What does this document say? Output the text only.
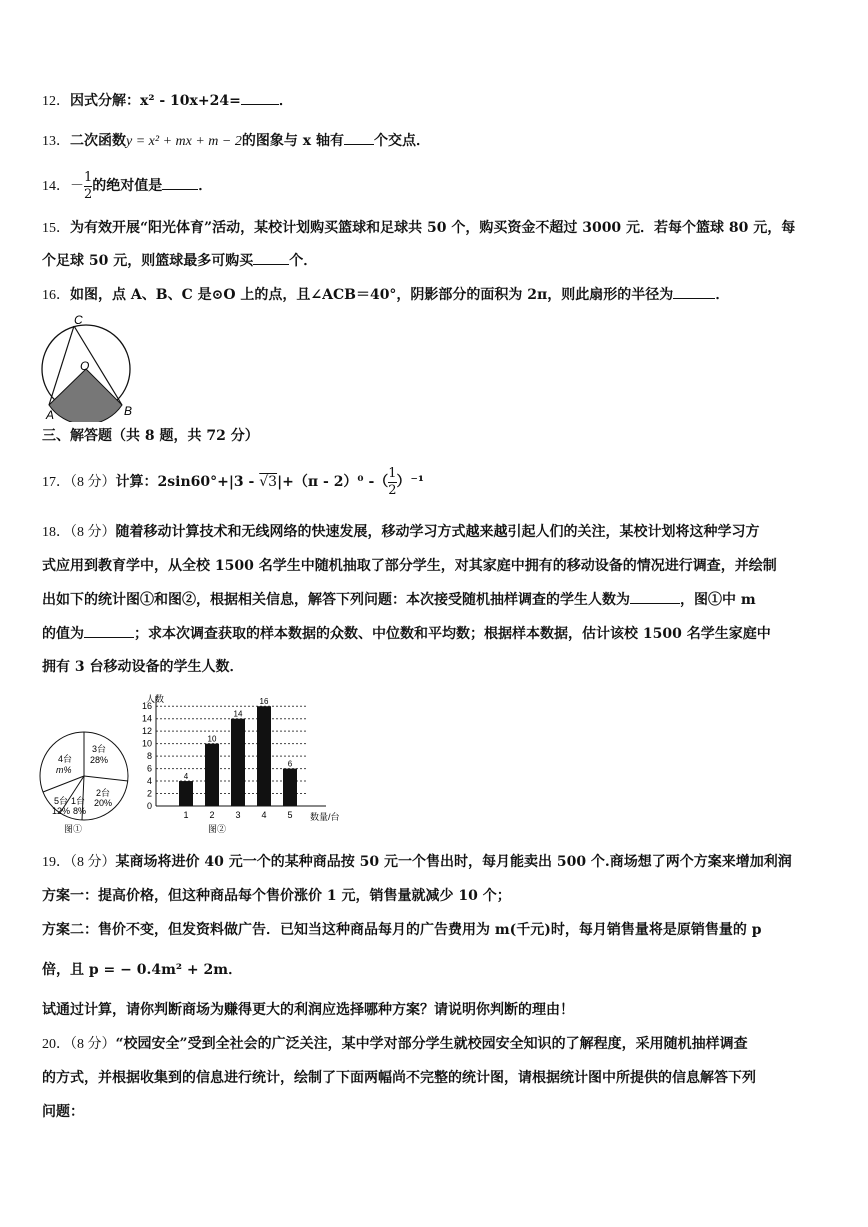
12．因式分解：x² - 10x+24=	．
13．二次函数y = x² + mx + m − 2的图象与 x 轴有 个交点．
14．－ $\frac{1}{2}$ 的绝对值是	．
15．为有效开展“阳光体育”活动，某校计划购买篮球和足球共 50 个，购买资金不超过 3000 元．若每个篮球 80 元，每
个足球 50 元，则篮球最多可购买	个．
16．如图，点 A、B、C 是⊙O 上的点，且∠ACB＝40°，阴影部分的面积为 2π，则此扇形的半径为	．
C
O
A	B
三、解答题（共 8 题，共 72 分）
17．（8 分）计算：2sin60°+|3 - √3|+（π - 2）⁰ -（ $\frac{1}{2} )^{-1}$
18．（8 分）随着移动计算技术和无线网络的快速发展，移动学习方式越来越引起人们的关注，某校计划将这种学习方
式应用到教育学中，从全校 1500 名学生中随机抽取了部分学生，对其家庭中拥有的移动设备的情况进行调查，并绘制
出如下的统计图①和图②，根据相关信息，解答下列问题：本次接受随机抽样调查的学生人数为	，图①中 m
的值为	；求本次调查获取的样本数据的众数、中位数和平均数；根据样本数据，估计该校 1500 名学生家庭中
拥有 3 台移动设备的学生人数．
3台
28%
4台
m%
2台
20%
1台
8%
5台
12%
图①
0
2
4
6
8
10
12
14
16
4
10
14
16
6
1 2 3 4 5
人数
数量/台
图②
19．（8 分）某商场将进价 40 元一个的某种商品按 50 元一个售出时，每月能卖出 500 个.商场想了两个方案来增加利润
方案一：提高价格，但这种商品每个售价涨价 1 元，销售量就减少 10 个；
方案二：售价不变，但发资料做广告．已知当这种商品每月的广告费用为 m(千元)时，每月销售量将是原销售量的 p
倍，且 p = − 0.4m² + 2m．
试通过计算，请你判断商场为赚得更大的利润应选择哪种方案？请说明你判断的理由！
20．（8 分）“校园安全”受到全社会的广泛关注，某中学对部分学生就校园安全知识的了解程度，采用随机抽样调查
的方式，并根据收集到的信息进行统计，绘制了下面两幅尚不完整的统计图，请根据统计图中所提供的信息解答下列
问题：
